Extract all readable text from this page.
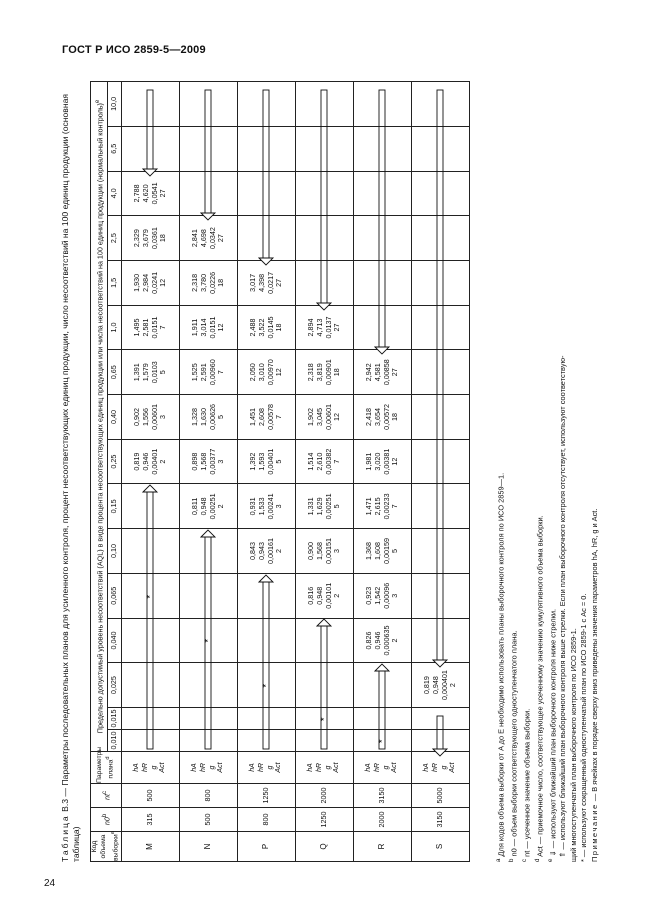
ГОСТ Р ИСО 2859-5—2009
Таблица В.3 — Параметры последовательных планов для усиленного контроля, процент несоответствующих единиц продукции, число несоответствий на 100 единиц продукции (основная таблица) Код объема выборки$^a$	n0$^b$	$nt^c$	Параметры плана$^d$	Предельно допустимый уровень несоответствий (AQL) в виде процента несоответствующих единиц продукции или числа несоответствий на 100 единиц продукции (нормальный контроль)$^e$
				0,010	0,015	0,025	0,040	0,065	0,10	0,15	0,25	0,40	0,65	1,0	1,5	2,5	4,0	6,5	10,0
M	315	500	hA hR g Act								0,819 0,946 0,00401 2	0,902 1,556 0,00601 3	1,391 1,579 0,0103 5	1,495 2,581 0,0151 7	1,930 2,984 0,0241 12	2,329 3,679 0,0361 18	2,788 4,620 0,0541 27		

N	500	800	hA hR g Act							0,811 0,948 0,00251 2	0,898 1,568 0,00377 3	1,328 1,630 0,00626 5	1,525 2,591 0,00960 7	1,911 3,014 0,0151 12	2,318 3,780 0,0226 18	2,841 4,698 0,0342 27			

P	800	1250	hA hR g Act						0,843 0,943 0,00161 2	0,931 1,533 0,00241 3	1,392 1,593 0,00401 5	1,451 2,608 0,00578 7	2,050 3,010 0,00970 12	2,488 3,522 0,0145 18	3,017 4,398 0,0217 27				

Q	1250	2000	hA hR g Act					0,816 0,948 0,00101 2	0,900 1,568 0,00151 3	1,331 1,629 0,00251 5	1,514 2,610 0,00382 7	1,902 3,045 0,00601 12	2,318 3,819 0,00901 18	2,894 4,713 0,0137 27					

R	2000	3150	hA hR g Act				0,826 0,946 0,000635 2	0,923 1,542 0,00096 3	1,368 1,608 0,00159 5	1,471 2,615 0,00233 7	1,981 3,020 0,00381 12	2,418 3,654 0,00572 18	2,942 4,581 0,00858 27						

S	3150	5000	hA hR g Act			0,819 0,948 0,000401 2													

*
*
*
*
*
$^a$ Для кодов объема выборки от A до E необходимо использовать планы выборочного контроля по ИСО 2859—1.
$^b$ n0 — объем выборки соответствующего одноступенчатого плана.
$^c$ nt — усеченное значение объема выборки.
$^d$ Act — приемочное число, соответствующее усеченному значению кумулятивного объема выборки.
$^e$ ⇓ — используют ближайший план выборочного контроля ниже стрелки.
⇑ — используют ближайший план выборочного контроля выше стрелки. Если план выборочного контроля отсутствует, используют соответствую- щий многоступенчатый план выборочного контроля по ИСО 2859-1. * — используют сокращенный одноступенчатый план по ИСО 2859-1 с Ac = 0. Примечание — В ячейках в порядке сверху вниз приведены значения параметров hA, hR, g и Act.
24
